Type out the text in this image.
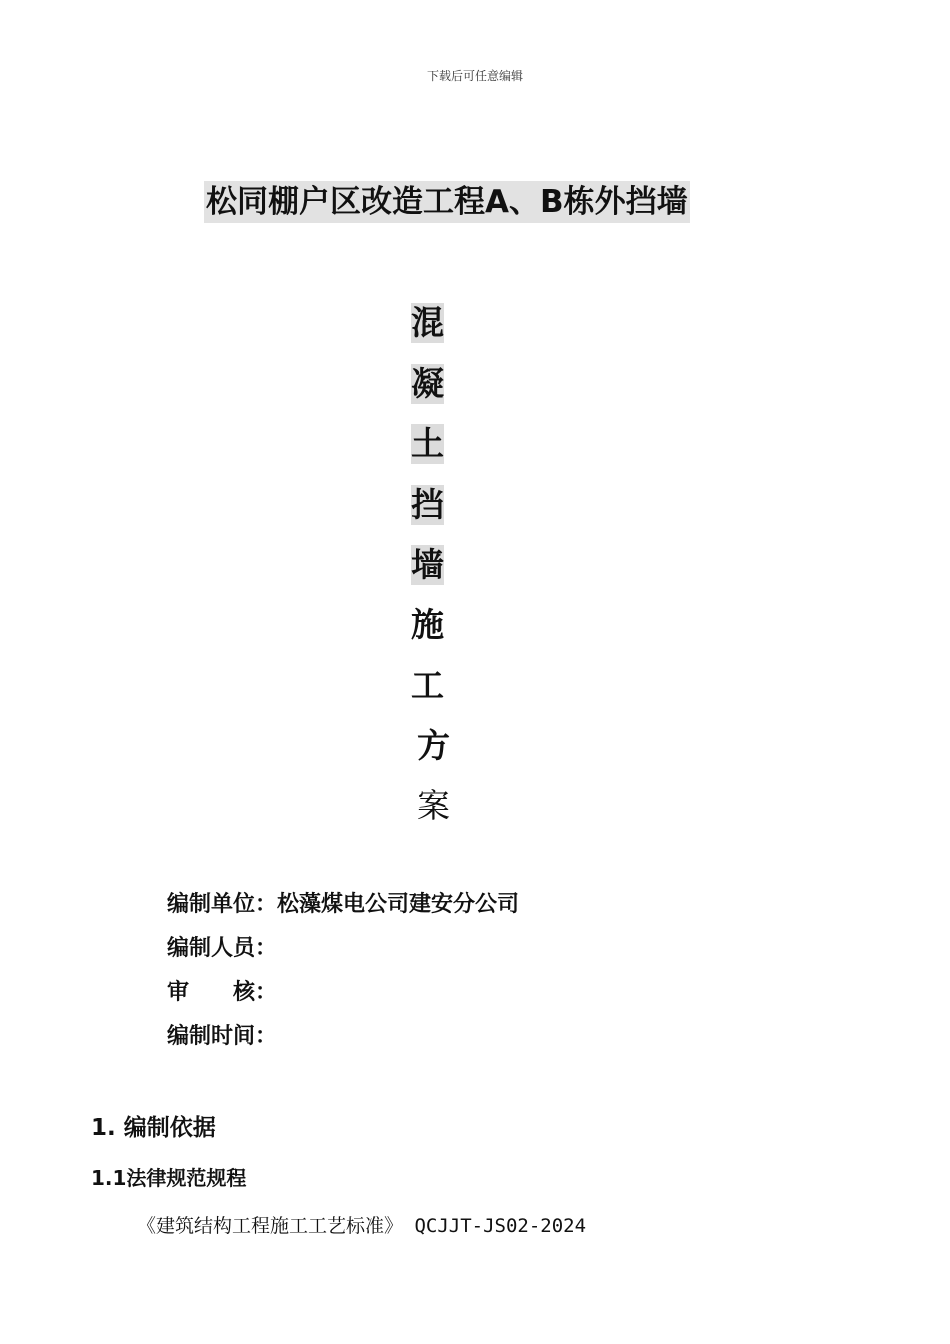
下载后可任意编辑
松同棚户区改造工程A、B栋外挡墙
混
凝
土
挡
墙
施
工
方
案
编制单位：松藻煤电公司建安分公司
编制人员：
审 核：
编制时间：
1. 编制依据
1.1法律规范规程
《建筑结构工程施工工艺标准》 QCJJT-JS02-2024
